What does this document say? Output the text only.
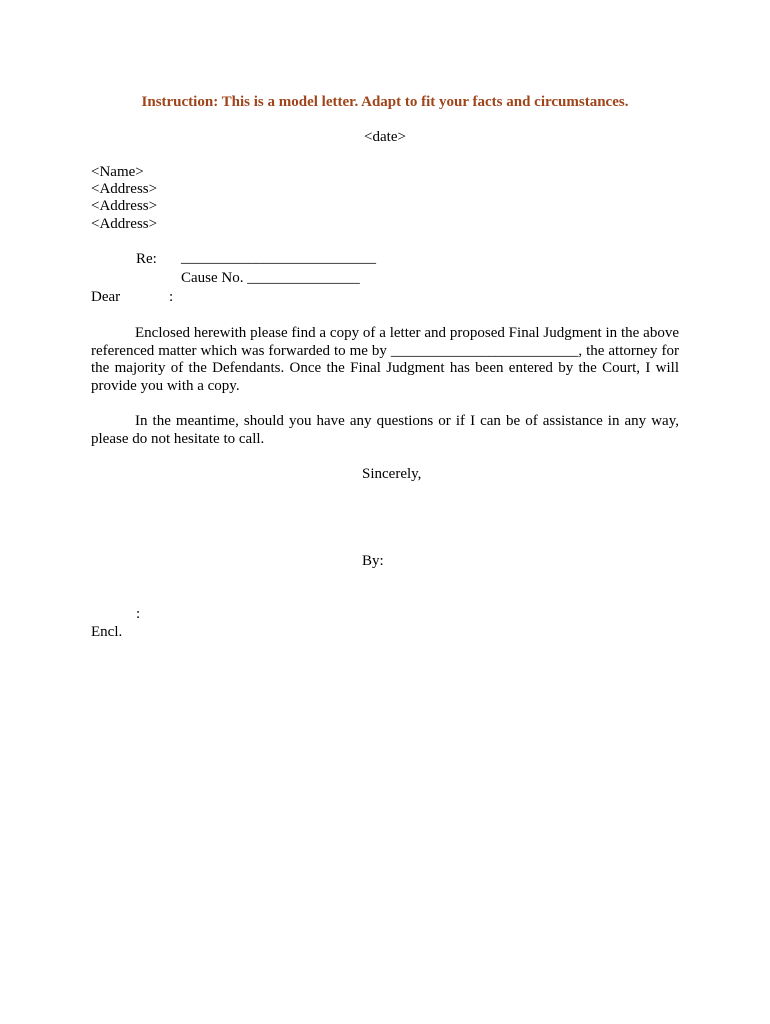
Instruction: This is a model letter. Adapt to fit your facts and circumstances.
<date>
<Name>
<Address>
<Address>
<Address>
Re: __________________________
Cause No. _______________
Dear	:
Enclosed herewith please find a copy of a letter and proposed Final Judgment in the above referenced matter which was forwarded to me by _________________________, the attorney for the majority of the Defendants. Once the Final Judgment has been entered by the Court, I will provide you with a copy.
In the meantime, should you have any questions or if I can be of assistance in any way, please do not hesitate to call.
Sincerely,
By:
:
Encl.
